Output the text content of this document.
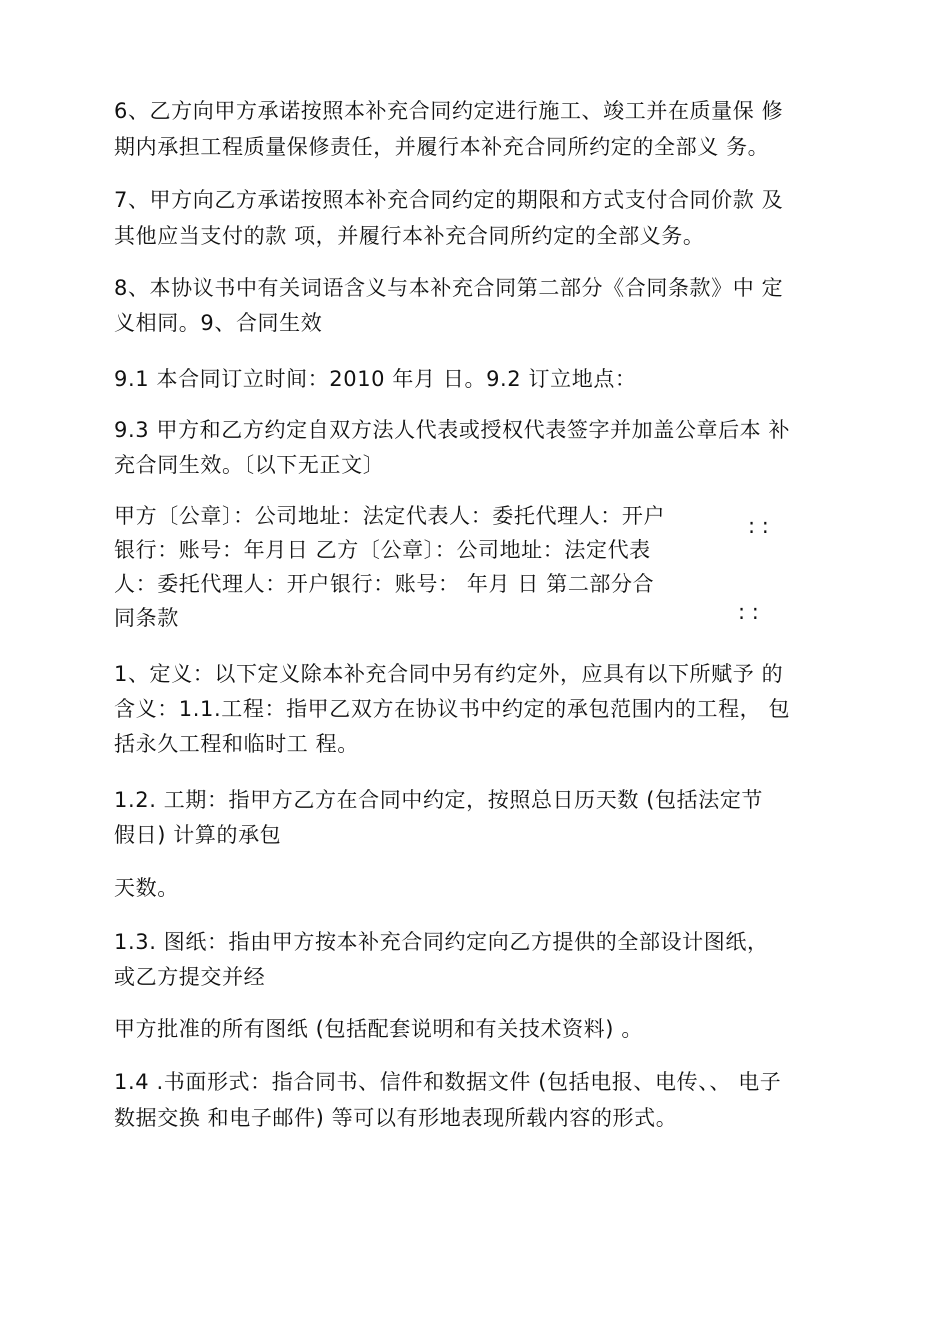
6、乙方向甲方承诺按照本补充合同约定进行施工、竣工并在质量保 修
期内承担工程质量保修责任，并履行本补充合同所约定的全部义 务。
7、甲方向乙方承诺按照本补充合同约定的期限和方式支付合同价款 及
其他应当支付的款 项，并履行本补充合同所约定的全部义务。
8、本协议书中有关词语含义与本补充合同第二部分《合同条款》中 定
义相同。9、合同生效
9.1 本合同订立时间：2010 年月 日。9.2 订立地点：
9.3 甲方和乙方约定自双方法人代表或授权代表签字并加盖公章后本 补
充合同生效。〔以下无正文〕
甲方〔公章〕：公司地址：法定代表人：委托代理人：开户
银行：账号：年月日 乙方〔公章〕：公司地址：法定代表
人：委托代理人：开户银行：账号： 年月 日 第二部分合
同条款
: :
: :
1、定义：以下定义除本补充合同中另有约定外，应具有以下所赋予 的
含义：1.1.工程：指甲乙双方在协议书中约定的承包范围内的工程， 包
括永久工程和临时工 程。
1.2. 工期：指甲方乙方在合同中约定，按照总日历天数 (包括法定节
假日) 计算的承包
天数。
1.3. 图纸：指由甲方按本补充合同约定向乙方提供的全部设计图纸，
或乙方提交并经
甲方批准的所有图纸 (包括配套说明和有关技术资料) 。
1.4 .书面形式：指合同书、信件和数据文件 (包括电报、电传、、 电子
数据交换 和电子邮件) 等可以有形地表现所载内容的形式。
